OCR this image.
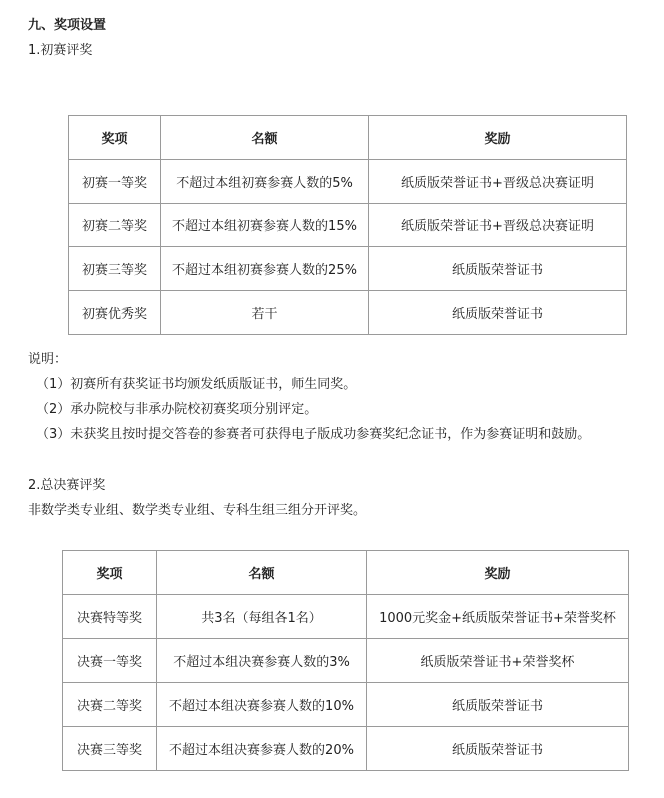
九、奖项设置
1.初赛评奖
奖项	名额	奖励
初赛一等奖	不超过本组初赛参赛人数的5%	纸质版荣誉证书+晋级总决赛证明
初赛二等奖	不超过本组初赛参赛人数的15%	纸质版荣誉证书+晋级总决赛证明
初赛三等奖	不超过本组初赛参赛人数的25%	纸质版荣誉证书
初赛优秀奖	若干	纸质版荣誉证书
说明：
（1）初赛所有获奖证书均颁发纸质版证书，师生同奖。
（2）承办院校与非承办院校初赛奖项分别评定。
（3）未获奖且按时提交答卷的参赛者可获得电子版成功参赛奖纪念证书，作为参赛证明和鼓励。
2.总决赛评奖
非数学类专业组、数学类专业组、专科生组三组分开评奖。
奖项	名额	奖励
决赛特等奖	共3名（每组各1名）	1000元奖金+纸质版荣誉证书+荣誉奖杯
决赛一等奖	不超过本组决赛参赛人数的3%	纸质版荣誉证书+荣誉奖杯
决赛二等奖	不超过本组决赛参赛人数的10%	纸质版荣誉证书
决赛三等奖	不超过本组决赛参赛人数的20%	纸质版荣誉证书
